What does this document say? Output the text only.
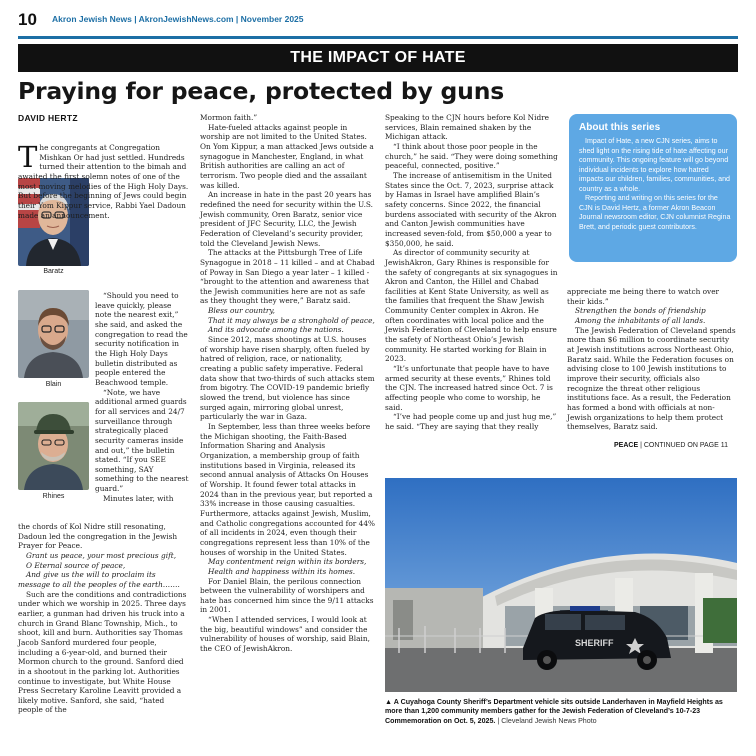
10 Akron Jewish News | AkronJewishNews.com | November 2025
THE IMPACT OF HATE
Praying for peace, protected by guns
DAVID HERTZ
Baratz
Blain
Rhines
T he congregants at Congregation Mishkan Or had just settled. Hundreds turned their attention to the bimah and awaited the first solemn notes of one of the most moving melodies of the High Holy Days. But before the beginning of Jews could begin their Yom Kippur service, Rabbi Yael Dadoun made an announcement.

“Should you need to leave quickly, please note the nearest exit,” she said, and asked the congregation to read the security notification in the High Holy Days bulletin distributed as people entered the Beachwood temple.

“Note, we have additional armed guards for all services and 24/7 surveillance through strategically placed security cameras inside and out,” the bulletin stated. “If you SEE something, SAY something to the nearest guard.”

Minutes later, with

the chords of Kol Nidre still resonating, Dadoun led the congregation in the Jewish Prayer for Peace.

Grant us peace, your most precious gift,

O Eternal source of peace,

And give us the will to proclaim its message to all the peoples of the earth…….

Such are the conditions and contradictions under which we worship in 2025. Three days earlier, a gunman had driven his truck into a church in Grand Blanc Township, Mich., to shoot, kill and burn. Authorities say Thomas Jacob Sanford murdered four people, including a 6-year-old, and burned their Mormon church to the ground. Sanford died in a shootout in the parking lot. Authorities continue to investigate, but White House Press Secretary Karoline Leavitt provided a likely motive. Sanford, she said, “hated people of the

Mormon faith.”

Hate-fueled attacks against people in worship are not limited to the United States. On Yom Kippur, a man attacked Jews outside a synagogue in Manchester, England, in what British authorities are calling an act of terrorism. Two people died and the assailant was killed.

An increase in hate in the past 20 years has redefined the need for security within the U.S. Jewish community, Oren Baratz, senior vice president of JFC Security, LLC, the Jewish Federation of Cleveland’s security provider, told the Cleveland Jewish News.

The attacks at the Pittsburgh Tree of Life Synagogue in 2018 – 11 killed – and at Chabad of Poway in San Diego a year later – 1 killed - “brought to the attention and awareness that the Jewish communities here are not as safe as they thought they were,” Baratz said.

Bless our country,

That it may always be a stronghold of peace,

And its advocate among the nations.

Since 2012, mass shootings at U.S. houses of worship have risen sharply, often fueled by hatred of religion, race, or nationality, creating a public safety imperative. Federal data show that two-thirds of such attacks stem from bigotry. The COVID-19 pandemic briefly slowed the trend, but violence has since surged again, mirroring global unrest, particularly the war in Gaza.

In September, less than three weeks before the Michigan shooting, the Faith-Based Information Sharing and Analysis Organization, a membership group of faith institutions based in Virginia, released its second annual analysis of Attacks On Houses of Worship. It found fewer total attacks in 2024 than in the previous year, but reported a 33% increase in those causing casualties. Furthermore, attacks against Jewish, Muslim, and Catholic congregations accounted for 44% of all incidents in 2024, even though their congregations represent less than 10% of the houses of worship in the United States.

May contentment reign within its borders,

Health and happiness within its homes.

For Daniel Blain, the perilous connection between the vulnerability of worshipers and hate has concerned him since the 9/11 attacks in 2001.

“When I attended services, I would look at the big, beautiful windows” and consider the vulnerability of houses of worship, said Blain, the CEO of JewishAkron.

Speaking to the CJN hours before Kol Nidre services, Blain remained shaken by the Michigan attack.

“I think about those poor people in the church,” he said. “They were doing something peaceful, connected, positive.”

The increase of antisemitism in the United States since the Oct. 7, 2023, surprise attack by Hamas in Israel have amplified Blain’s safety concerns. Since 2022, the financial burdens associated with security of the Akron and Canton Jewish communities have increased seven-fold, from $50,000 a year to $350,000, he said.

As director of community security at JewishAkron, Gary Rhines is responsible for the safety of congregants at six synagogues in Akron and Canton, the Hillel and Chabad facilities at Kent State University, as well as the families that frequent the Shaw Jewish Community Center complex in Akron. He often coordinates with local police and the Jewish Federation of Cleveland to help ensure the safety of Northeast Ohio’s Jewish community. He started working for Blain in 2023.

“It’s unfortunate that people have to have armed security at these events,” Rhines told the CJN. The increased hatred since Oct. 7 is affecting people who come to worship, he said.

“I’ve had people come up and just hug me,” he said. “They are saying that they really

About this series

Impact of Hate, a new CJN series, aims to shed light on the rising tide of hate affecting our community. This ongoing feature will go beyond individual incidents to explore how hatred impacts our children, families, communities, and country as a whole.

Reporting and writing on this series for the CJN is David Hertz, a former Akron Beacon Journal newsroom editor, CJN columnist Regina Brett, and periodic guest contributors.

appreciate me being there to watch over their kids.”

Strengthen the bonds of friendship

Among the inhabitants of all lands.

The Jewish Federation of Cleveland spends more than $6 million to coordinate security at Jewish institutions across Northeast Ohio, Baratz said. While the Federation focuses on advising close to 100 Jewish institutions to improve their security, officials also recognize the threat other religious institutions face. As a result, the Federation has formed a bond with officials at non-Jewish organizations to help them protect themselves, Baratz said.

PEACE | CONTINUED ON PAGE 11
SHERIFF
▲ A Cuyahoga County Sheriff’s Department vehicle sits outside Landerhaven in Mayfield Heights as more than 1,200 community members gather for the Jewish Federation of Cleveland’s 10-7-23 Commemoration on Oct. 5, 2025. | Cleveland Jewish News Photo
